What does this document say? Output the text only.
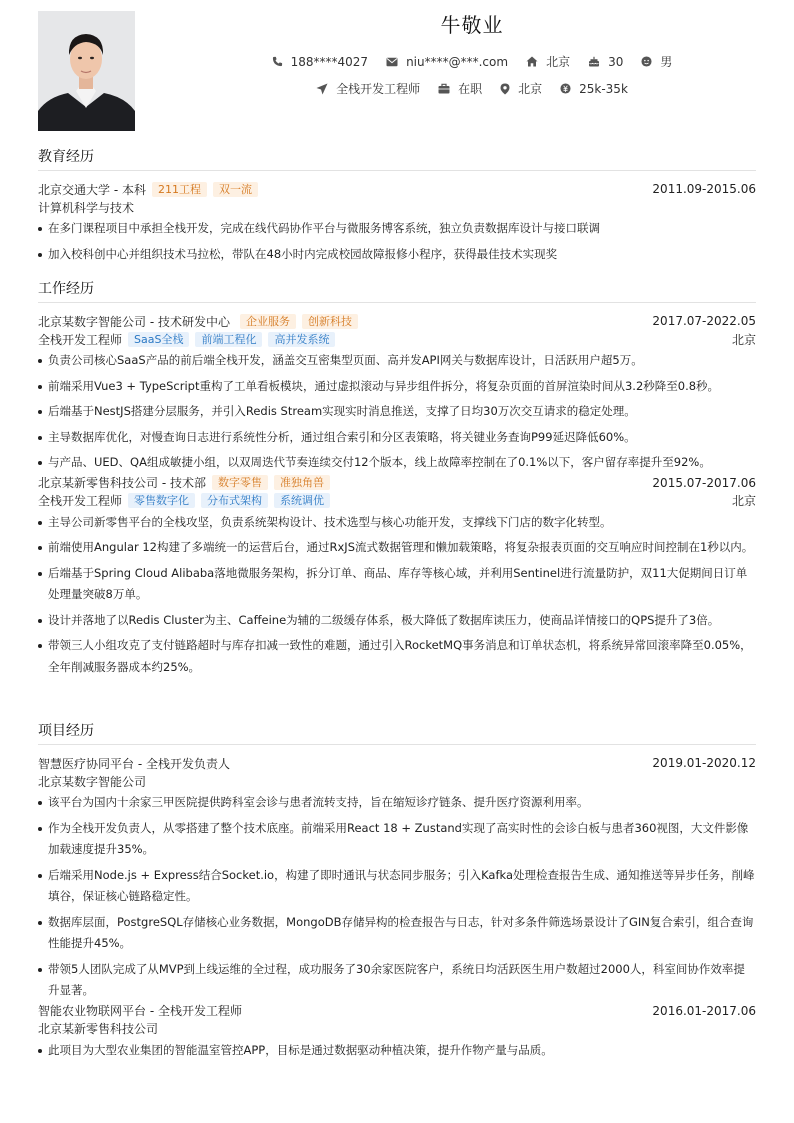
牛敬业
188****4027	niu****@***.com	北京	30	男
全栈开发工程师	在职	北京	25k-35k
教育经历
北京交通大学 - 本科	211工程	双一流	2011.09-2015.06
计算机科学与技术
在多门课程项目中承担全栈开发，完成在线代码协作平台与微服务博客系统，独立负责数据库设计与接口联调
加入校科创中心并组织技术马拉松，带队在48小时内完成校园故障报修小程序，获得最佳技术实现奖
工作经历
北京某数字智能公司 - 技术研发中心	企业服务	创新科技	2017.07-2022.05
全栈开发工程师	SaaS全栈	前端工程化	高并发系统	北京
负责公司核心SaaS产品的前后端全栈开发，涵盖交互密集型页面、高并发API网关与数据库设计，日活跃用户超5万。
前端采用Vue3 + TypeScript重构了工单看板模块，通过虚拟滚动与异步组件拆分，将复杂页面的首屏渲染时间从3.2秒降至0.8秒。
后端基于NestJS搭建分层服务，并引入Redis Stream实现实时消息推送，支撑了日均30万次交互请求的稳定处理。
主导数据库优化，对慢查询日志进行系统性分析，通过组合索引和分区表策略，将关键业务查询P99延迟降低60%。
与产品、UED、QA组成敏捷小组，以双周迭代节奏连续交付12个版本，线上故障率控制在了0.1%以下，客户留存率提升至92%。
北京某新零售科技公司 - 技术部	数字零售	准独角兽	2015.07-2017.06
全栈开发工程师	零售数字化	分布式架构	系统调优	北京
主导公司新零售平台的全栈攻坚，负责系统架构设计、技术选型与核心功能开发，支撑线下门店的数字化转型。
前端使用Angular 12构建了多端统一的运营后台，通过RxJS流式数据管理和懒加载策略，将复杂报表页面的交互响应时间控制在1秒以内。
后端基于Spring Cloud Alibaba落地微服务架构，拆分订单、商品、库存等核心域，并利用Sentinel进行流量防护，双11大促期间日订单处理量突破8万单。
设计并落地了以Redis Cluster为主、Caffeine为辅的二级缓存体系，极大降低了数据库读压力，使商品详情接口的QPS提升了3倍。
带领三人小组攻克了支付链路超时与库存扣减一致性的难题，通过引入RocketMQ事务消息和订单状态机，将系统异常回滚率降至0.05%，全年削减服务器成本约25%。
项目经历
智慧医疗协同平台 - 全栈开发负责人	2019.01-2020.12
北京某数字智能公司
该平台为国内十余家三甲医院提供跨科室会诊与患者流转支持，旨在缩短诊疗链条、提升医疗资源利用率。
作为全栈开发负责人，从零搭建了整个技术底座。前端采用React 18 + Zustand实现了高实时性的会诊白板与患者360视图，大文件影像加载速度提升35%。
后端采用Node.js + Express结合Socket.io，构建了即时通讯与状态同步服务；引入Kafka处理检查报告生成、通知推送等异步任务，削峰填谷，保证核心链路稳定性。
数据库层面，PostgreSQL存储核心业务数据，MongoDB存储异构的检查报告与日志，针对多条件筛选场景设计了GIN复合索引，组合查询性能提升45%。
带领5人团队完成了从MVP到上线运维的全过程，成功服务了30余家医院客户，系统日均活跃医生用户数超过2000人，科室间协作效率提升显著。
智能农业物联网平台 - 全栈开发工程师	2016.01-2017.06
北京某新零售科技公司
此项目为大型农业集团的智能温室管控APP，目标是通过数据驱动种植决策，提升作物产量与品质。
